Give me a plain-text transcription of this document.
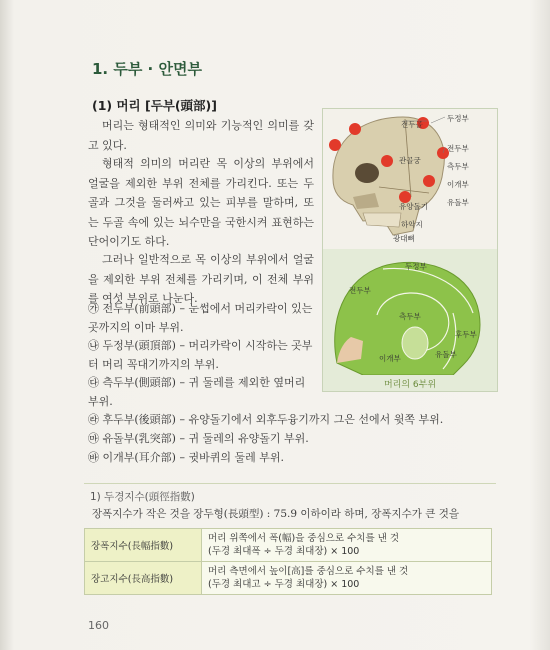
1. 두부 · 안면부
(1) 머리 [두부(頭部)]
머리는 형태적인 의미와 기능적인 의미를 갖고 있다.
형태적 의미의 머리란 목 이상의 부위에서 얼굴을 제외한 부위 전체를 가리킨다. 또는 두골과 그것을 둘러싸고 있는 피부를 말하며, 또는 두골 속에 있는 뇌수만을 국한시켜 표현하는 단어이기도 하다.
그러나 일반적으로 목 이상의 부위에서 얼굴을 제외한 부위 전체를 가리키며, 이 전체 부위를 여섯 부위로 나눈다.
㉮ 전두부(前頭部) – 눈썹에서 머리카락이 있는 곳까지의 이마 부위.
㉯ 두정부(頭頂部) – 머리카락이 시작하는 곳부터 머리 꼭대기까지의 부위.
㉰ 측두부(側頭部) – 귀 둘레를 제외한 옆머리 부위.
㉱ 후두부(後頭部) – 유양돌기에서 외후두융기까지 그은 선에서 윗쪽 부위.
㉲ 유돌부(乳突部) – 귀 둘레의 유양돌기 부위.
㉳ 이개부(耳介部) – 귓바퀴의 둘레 부위.
전두골
두정부
전두부
관골궁
측두부
이개부
유양돌기	유돌부
하악지
광대뼈
두정부
전두부
측두부
후두부
이개부	유돌부
머리의 6부위
1) 두경지수(頭徑指數)
장폭지수가 작은 것을 장두형(長頭型) : 75.9 이하이라 하며, 장폭지수가 큰 것을
장폭지수(長幅指數)	머리 위쪽에서 폭(幅)을 중심으로 수치를 낸 것
(두경 최대폭 ÷ 두경 최대장) × 100

장고지수(長高指數)	머리 측면에서 높이[高]를 중심으로 수치를 낸 것
(두경 최대고 ÷ 두경 최대장) × 100
160
